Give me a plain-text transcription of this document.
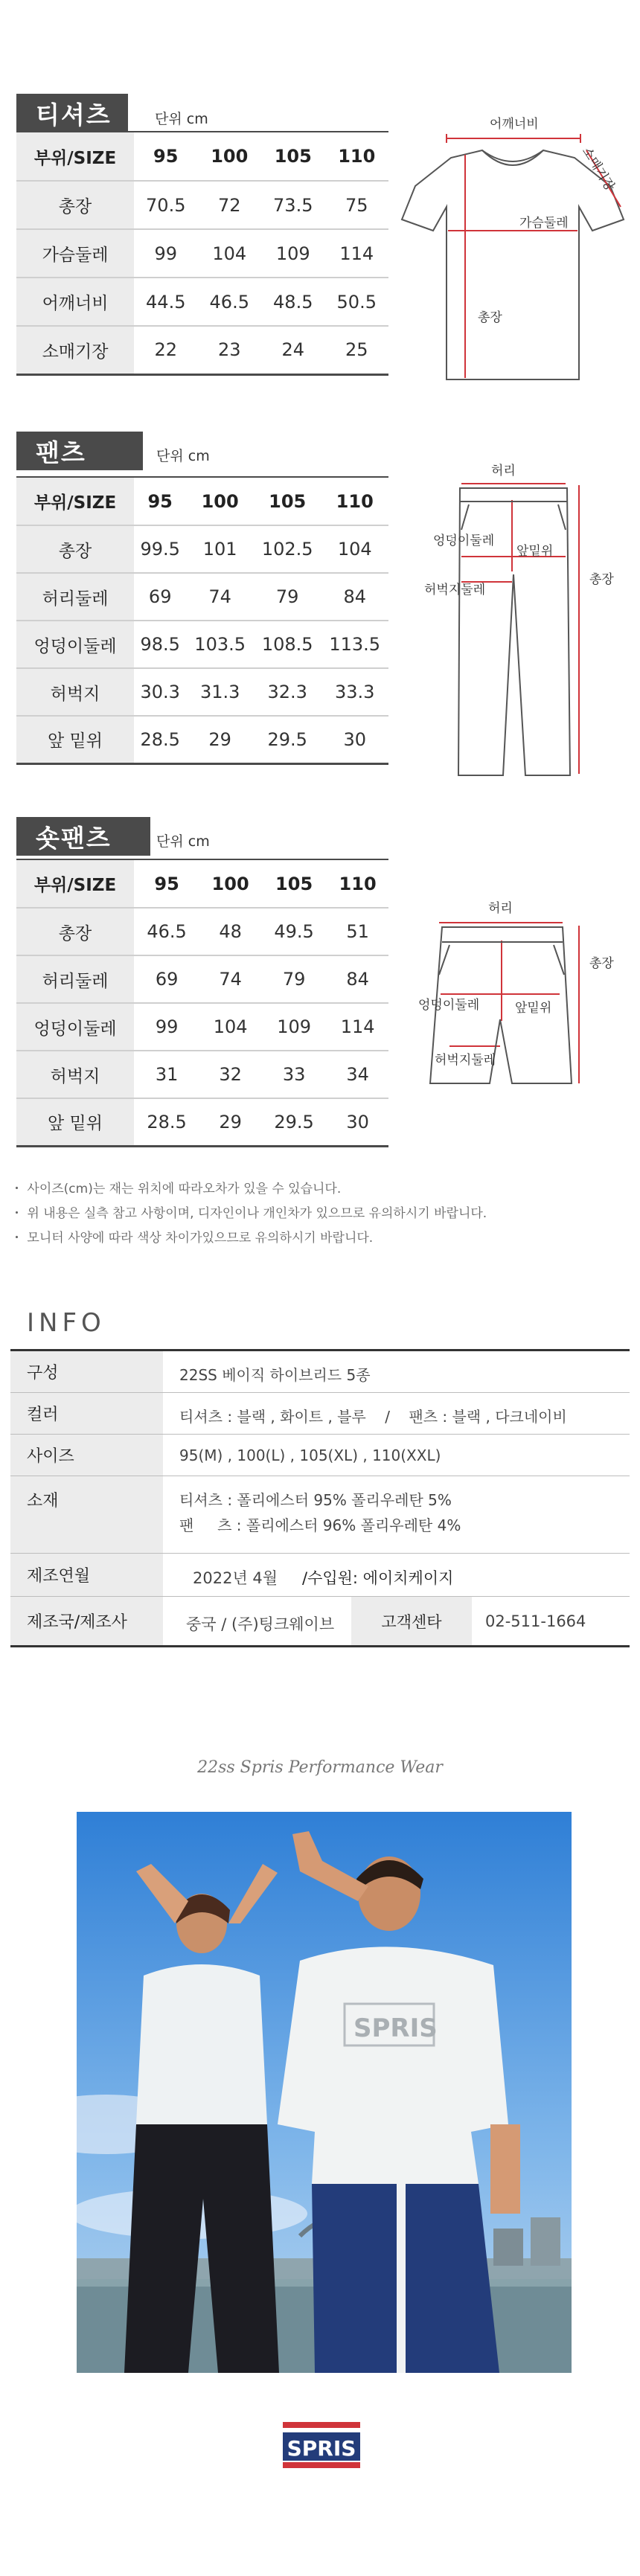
티셔츠	단위 cm
부위/SIZE	95	100	105	110
총장	70.5	72	73.5	75
가슴둘레	99	104	109	114
어깨너비	44.5	46.5	48.5	50.5
소매기장	22	23	24	25
어깨너비
소매기장
가슴둘레
총장
팬츠	단위 cm
부위/SIZE	95	100	105	110
총장	99.5	101	102.5	104
허리둘레	69	74	79	84
엉덩이둘레	98.5	103.5	108.5	113.5
허벅지	30.3	31.3	32.3	33.3
앞 밑위	28.5	29	29.5	30
허리
엉덩이둘레
앞밑위
허벅지둘레
총장
숏팬츠	단위 cm
부위/SIZE	95	100	105	110
총장	46.5	48	49.5	51
허리둘레	69	74	79	84
엉덩이둘레	99	104	109	114
허벅지	31	32	33	34
앞 밑위	28.5	29	29.5	30
허리
엉덩이둘레	앞밑위
허벅지둘레
총장
・ 사이즈(cm)는 재는 위치에 따라오차가 있을 수 있습니다.
・ 위 내용은 실측 참고 사항이며, 디자인이나 개인차가 있으므로 유의하시기 바랍니다.
・ 모니터 사양에 따라 색상 차이가있으므로 유의하시기 바랍니다.
INFO
구성	22SS 베이직 하이브리드 5종
컬러	티셔츠 : 블랙 , 화이트 , 블루    /    팬츠 : 블랙 , 다크네이비
사이즈	95(M) , 100(L) , 105(XL) , 110(XXL)
소재	티셔츠 : 폴리에스터 95% 폴리우레탄 5%
팬     츠 : 폴리에스터 96% 폴리우레탄 4%
제조연월	2022년 4월 /수입원: 에이치케이지
제조국/제조사	중국 / (주)팅크웨이브	고객센타	02-511-1664
22ss Spris Performance Wear
SPRIS
SPRIS
